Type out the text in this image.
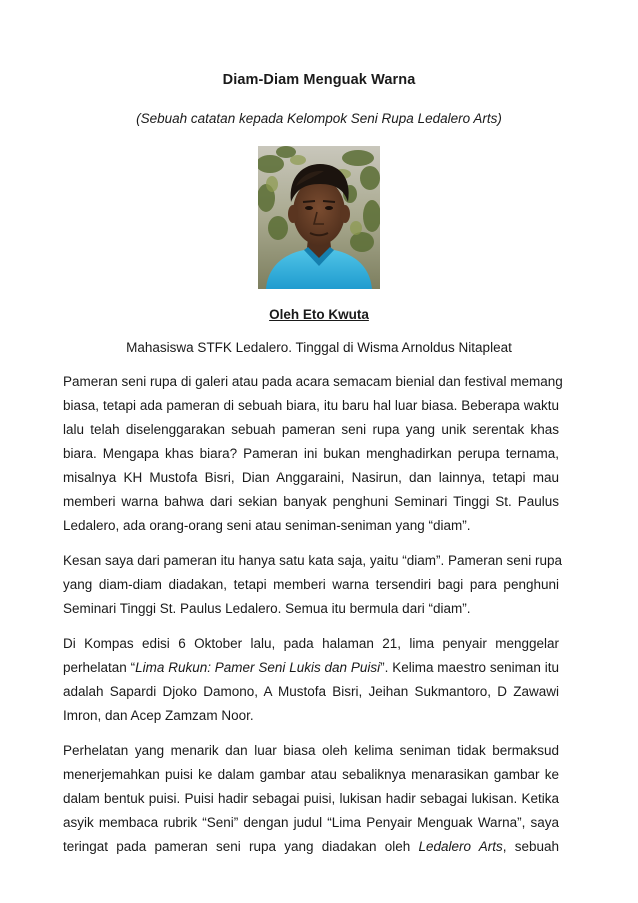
Diam-Diam Menguak Warna
(Sebuah catatan kepada Kelompok Seni Rupa Ledalero Arts)
Oleh Eto Kwuta
Mahasiswa STFK Ledalero. Tinggal di Wisma Arnoldus Nitapleat
Pameran seni rupa di galeri atau pada acara semacam bienial dan festival memang
biasa, tetapi ada pameran di sebuah biara, itu baru hal luar biasa. Beberapa waktu
lalu telah diselenggarakan sebuah pameran seni rupa yang unik serentak khas
biara. Mengapa khas biara? Pameran ini bukan menghadirkan perupa ternama,
misalnya KH Mustofa Bisri, Dian Anggaraini, Nasirun, dan lainnya, tetapi mau
memberi warna bahwa dari sekian banyak penghuni Seminari Tinggi St. Paulus
Ledalero, ada orang-orang seni atau seniman-seniman yang “diam”.
Kesan saya dari pameran itu hanya satu kata saja, yaitu “diam”. Pameran seni rupa
yang diam-diam diadakan, tetapi memberi warna tersendiri bagi para penghuni
Seminari Tinggi St. Paulus Ledalero. Semua itu bermula dari “diam”.
Di Kompas edisi 6 Oktober lalu, pada halaman 21, lima penyair menggelar
perhelatan “Lima Rukun: Pamer Seni Lukis dan Puisi”. Kelima maestro seniman itu
adalah Sapardi Djoko Damono, A Mustofa Bisri, Jeihan Sukmantoro, D Zawawi
Imron, dan Acep Zamzam Noor.
Perhelatan yang menarik dan luar biasa oleh kelima seniman tidak bermaksud
menerjemahkan puisi ke dalam gambar atau sebaliknya menarasikan gambar ke
dalam bentuk puisi. Puisi hadir sebagai puisi, lukisan hadir sebagai lukisan. Ketika
asyik membaca rubrik “Seni” dengan judul “Lima Penyair Menguak Warna”, saya
teringat pada pameran seni rupa yang diadakan oleh Ledalero Arts, sebuah
